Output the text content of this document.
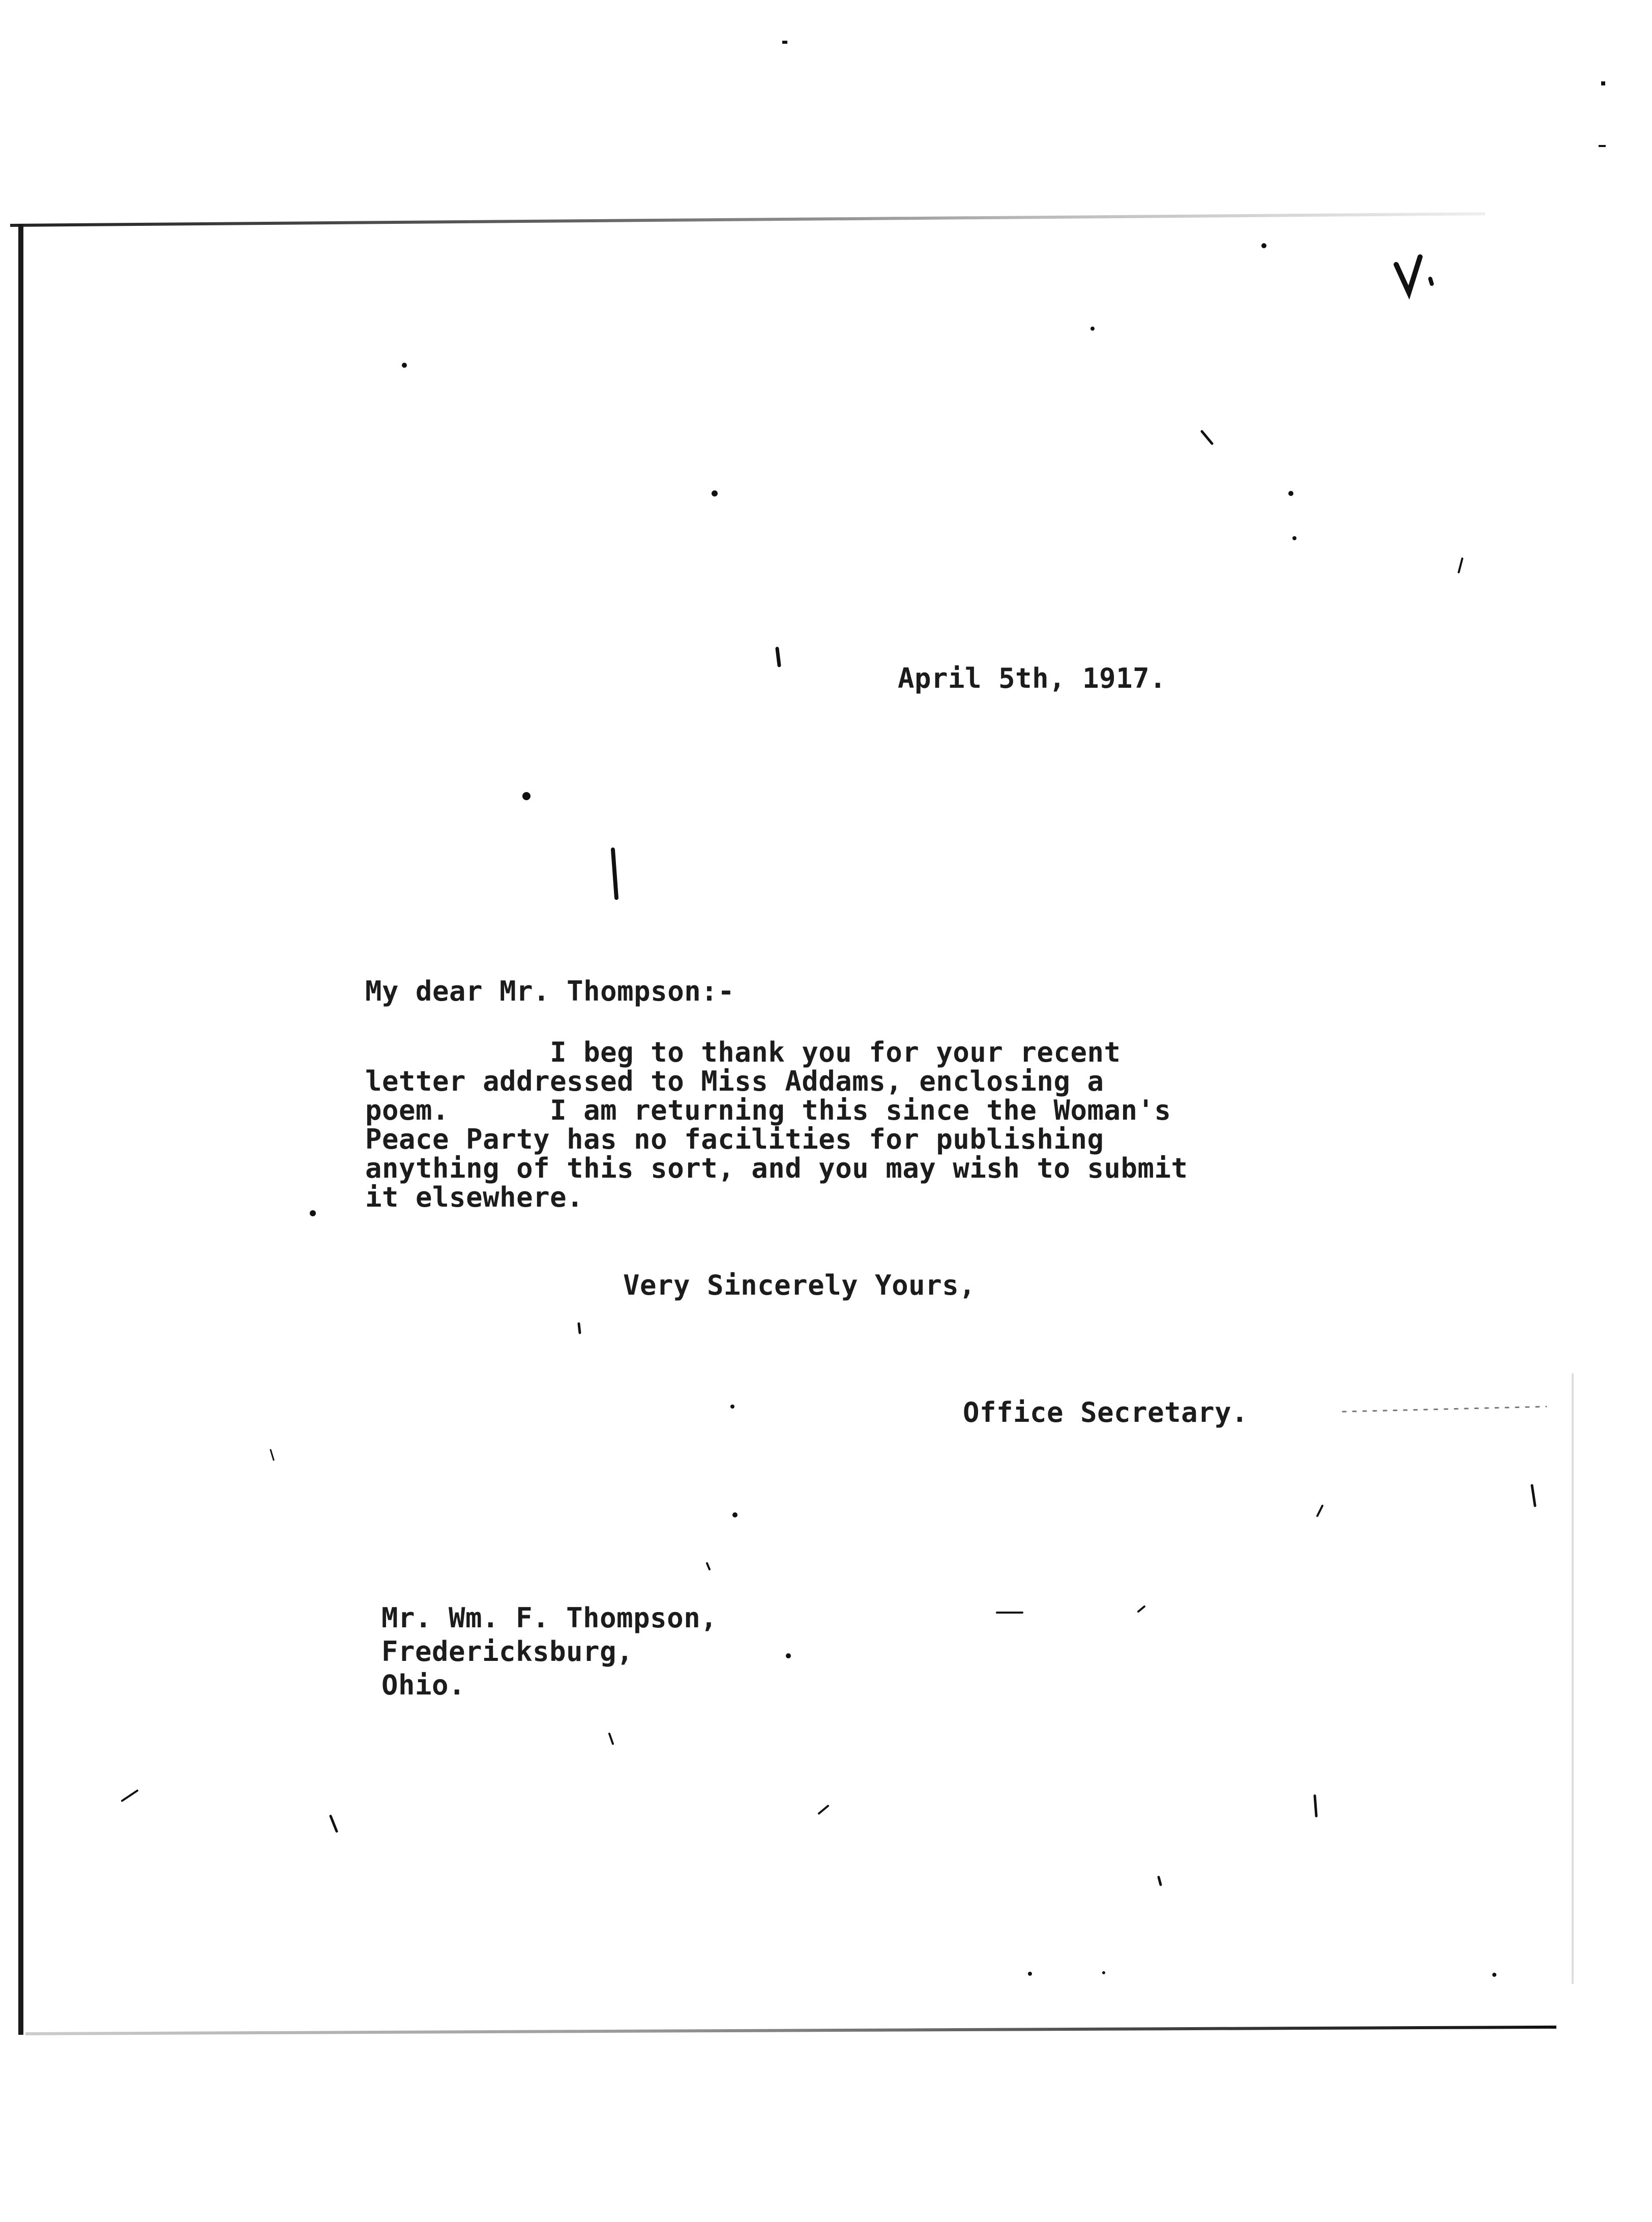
April 5th, 1917.
My dear Mr. Thompson:-
I beg to thank you for your recent
letter addressed to Miss Addams, enclosing a
poem.      I am returning this since the Woman's
Peace Party has no facilities for publishing
anything of this sort, and you may wish to submit
it elsewhere.
Very Sincerely Yours,
Office Secretary.
Mr. Wm. F. Thompson,
Fredericksburg,
Ohio.
